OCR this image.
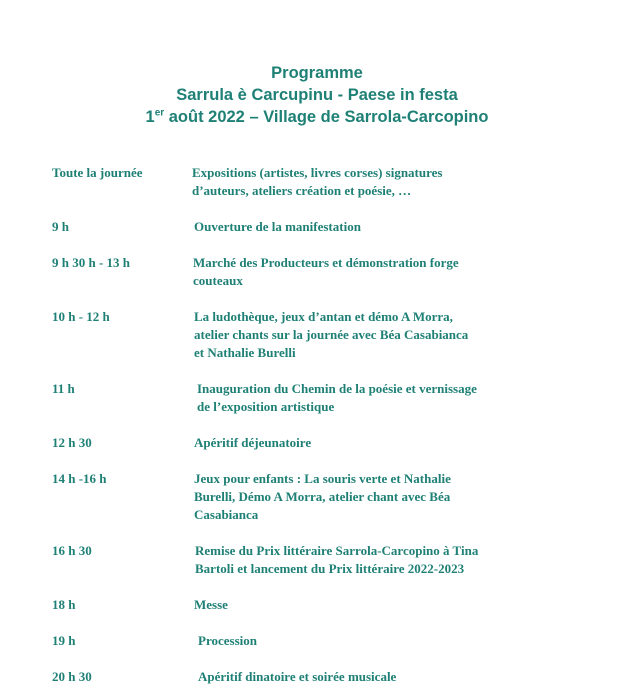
Programme
Sarrula è Carcupinu - Paese in festa
1er août 2022 – Village de Sarrola-Carcopino
Toute la journée	Expositions (artistes, livres corses) signatures
d’auteurs, ateliers création et poésie, …
9 h	Ouverture de la manifestation
9 h 30 h - 13 h	Marché des Producteurs et démonstration forge
couteaux
10 h - 12 h	La ludothèque, jeux d’antan et démo A Morra,
atelier chants sur la journée avec Béa Casabianca
et Nathalie Burelli
11 h	Inauguration du Chemin de la poésie et vernissage
de l’exposition artistique
12 h 30	Apéritif déjeunatoire
14 h -16 h	Jeux pour enfants : La souris verte et Nathalie
Burelli, Démo A Morra, atelier chant avec Béa
Casabianca
16 h 30	Remise du Prix littéraire Sarrola-Carcopino à Tina
Bartoli et lancement du Prix littéraire 2022-2023
18 h	Messe
19 h	Procession
20 h 30	Apéritif dinatoire et soirée musicale
